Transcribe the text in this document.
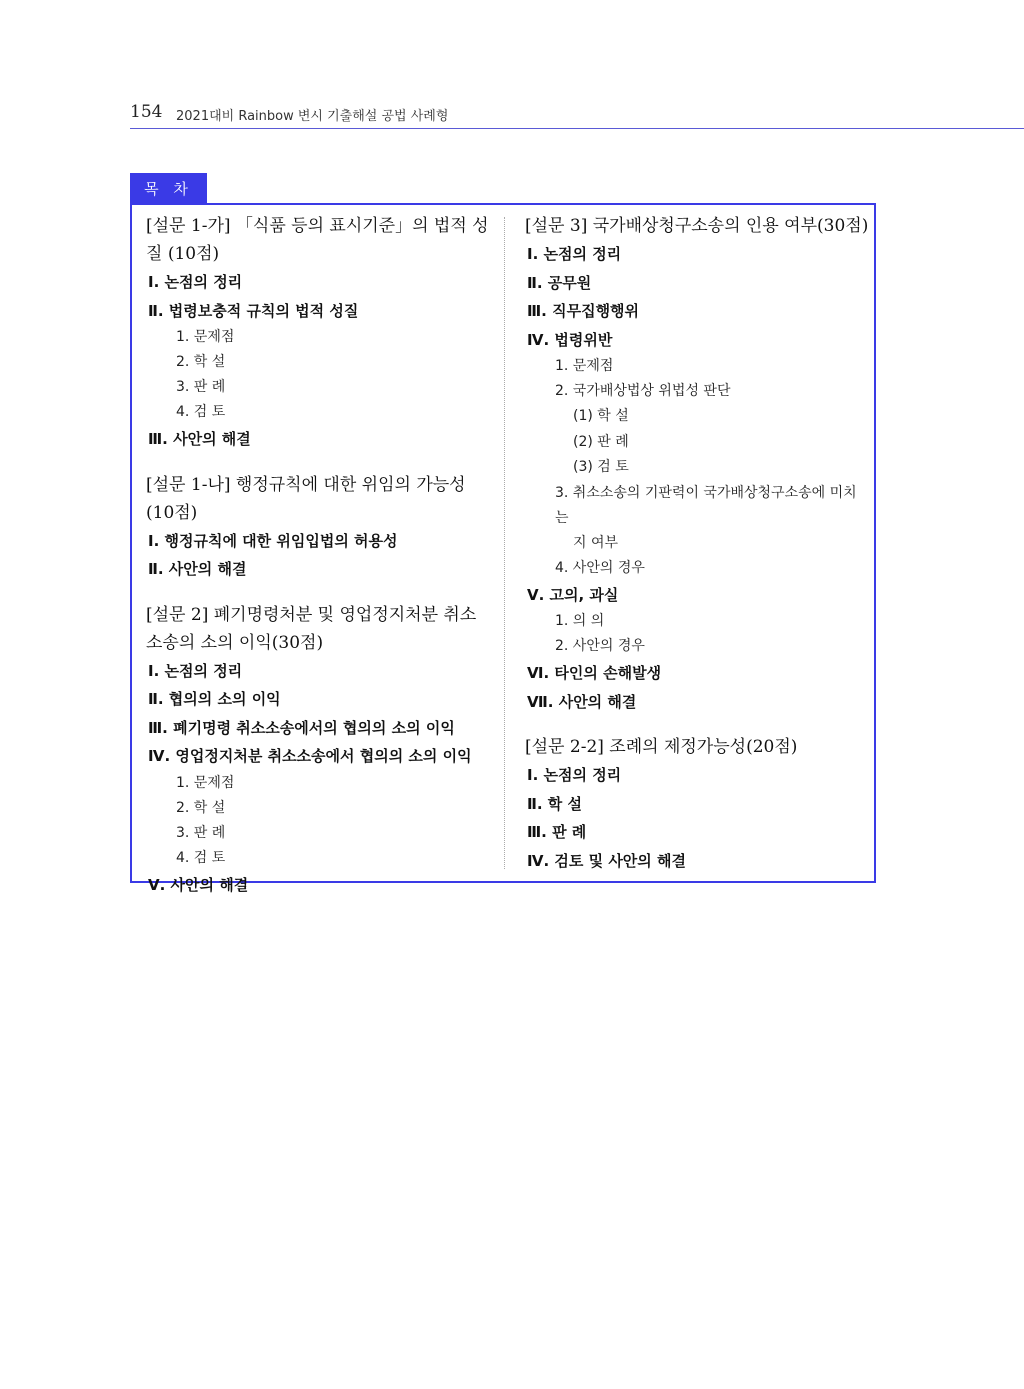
154 2021대비 Rainbow 변시 기출해설 공법 사례형
목 차
[설문 1-가] 「식품 등의 표시기준」의 법적 성질 (10점)
Ⅰ. 논점의 정리
Ⅱ. 법령보충적 규칙의 법적 성질
1. 문제점
2. 학 설
3. 판 례
4. 검 토
Ⅲ. 사안의 해결
[설문 1-나] 행정규칙에 대한 위임의 가능성(10점)
Ⅰ. 행정규칙에 대한 위임입법의 허용성
Ⅱ. 사안의 해결
[설문 2] 폐기명령처분 및 영업정지처분 취소소송의 소의 이익(30점)
Ⅰ. 논점의 정리
Ⅱ. 협의의 소의 이익
Ⅲ. 폐기명령 취소소송에서의 협의의 소의 이익
Ⅳ. 영업정지처분 취소소송에서 협의의 소의 이익
1. 문제점
2. 학 설
3. 판 례
4. 검 토
Ⅴ. 사안의 해결
[설문 3] 국가배상청구소송의 인용 여부(30점)
Ⅰ. 논점의 정리
Ⅱ. 공무원
Ⅲ. 직무집행행위
Ⅳ. 법령위반
1. 문제점
2. 국가배상법상 위법성 판단
(1) 학 설
(2) 판 례
(3) 검 토
3. 취소소송의 기판력이 국가배상청구소송에 미치는
지 여부
4. 사안의 경우
Ⅴ. 고의, 과실
1. 의 의
2. 사안의 경우
Ⅵ. 타인의 손해발생
Ⅶ. 사안의 해결
[설문 2-2] 조례의 제정가능성(20점)
Ⅰ. 논점의 정리
Ⅱ. 학 설
Ⅲ. 판 례
Ⅳ. 검토 및 사안의 해결
